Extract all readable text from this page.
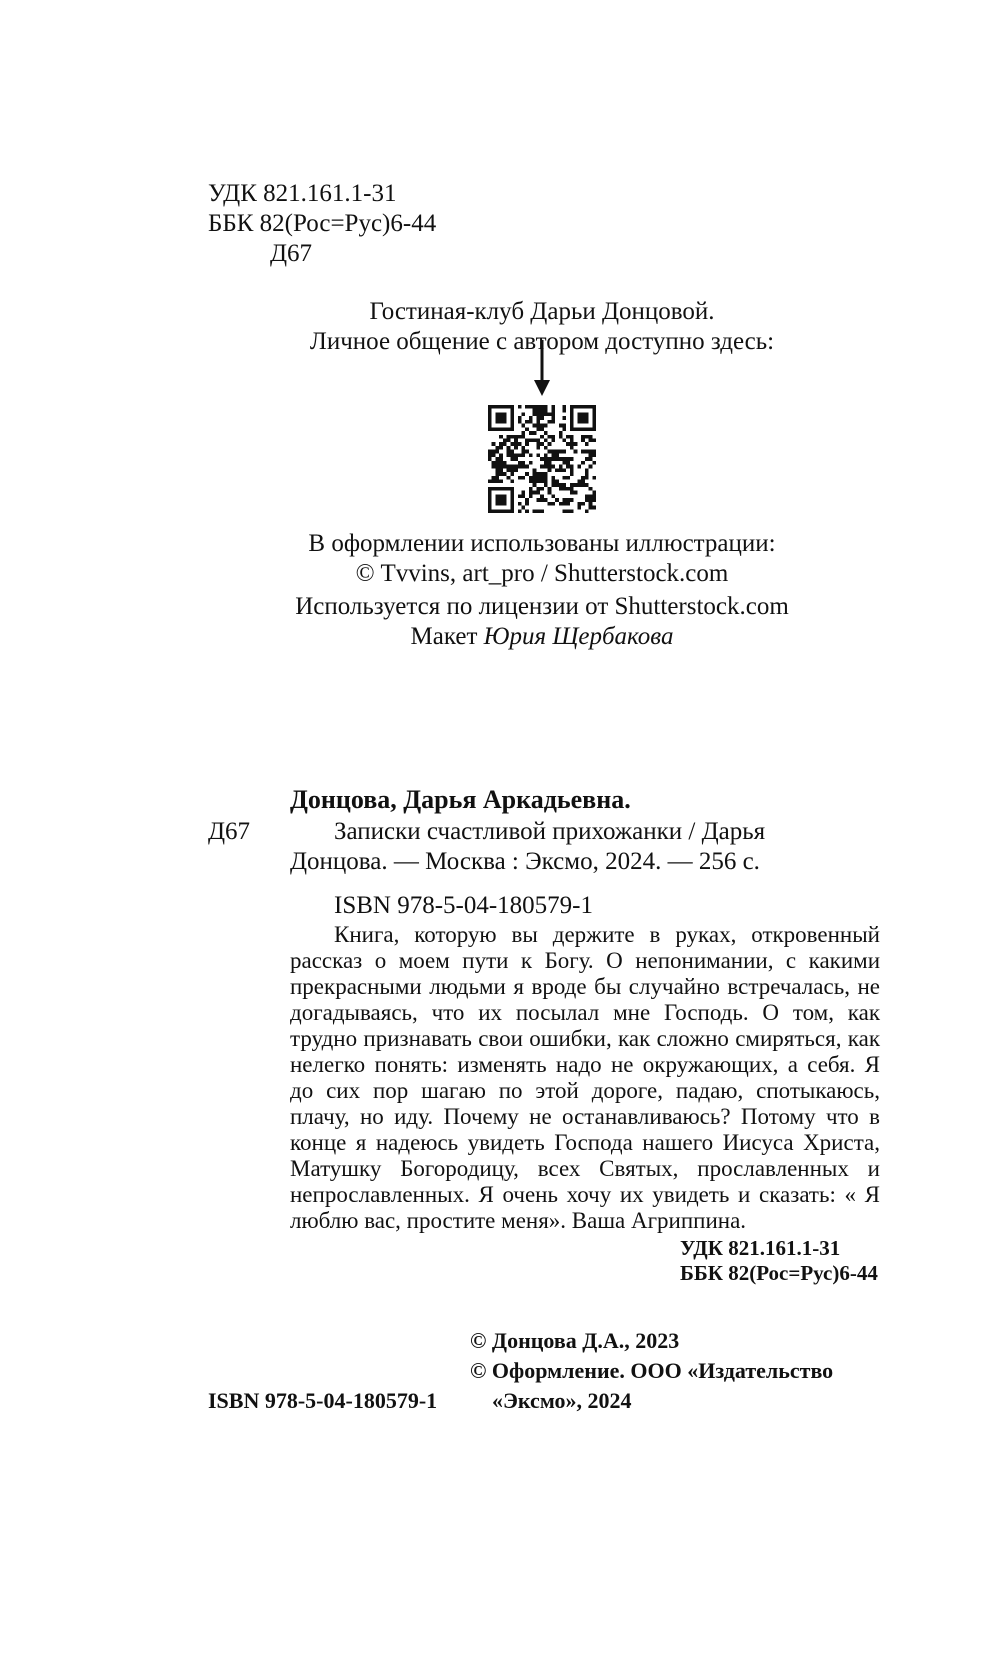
УДК 821.161.1-31
ББК 82(Рос=Рус)6-44
Д67
Гостиная-клуб Дарьи Донцовой.
Личное общение с автором доступно здесь:
В оформлении использованы иллюстрации:
© Tvvins, art_pro / Shutterstock.com
Используется по лицензии от Shutterstock.com
Макет Юрия Щербакова
Донцова, Дарья Аркадьевна.
Д67	Записки счастливой прихожанки / Дарья
Донцова. — Москва : Эксмо, 2024. — 256 с.
ISBN 978-5-04-180579-1

Книга, которую вы держите в руках, откровенный рассказ о моем пути к Богу. О непонимании, с какими прекрасными людьми я вроде бы случайно встречалась, не догадываясь, что их посылал мне Господь. О том, как трудно признавать свои ошибки, как сложно смиряться, как нелегко понять: изменять надо не окружающих, а себя. Я до сих пор шагаю по этой дороге, падаю, спотыкаюсь, плачу, но иду. Почему не останавливаюсь? Потому что в конце я надеюсь увидеть Господа нашего Иисуса Христа, Матушку Богородицу, всех Святых, прославленных и непрославленных. Я очень хочу их увидеть и сказать: « Я люблю вас, простите меня». Ваша Агриппина.

УДК 821.161.1-31
ББК 82(Рос=Рус)6-44
© Донцова Д.А., 2023
© Оформление. ООО «Издательство
«Эксмо», 2024
ISBN 978-5-04-180579-1
